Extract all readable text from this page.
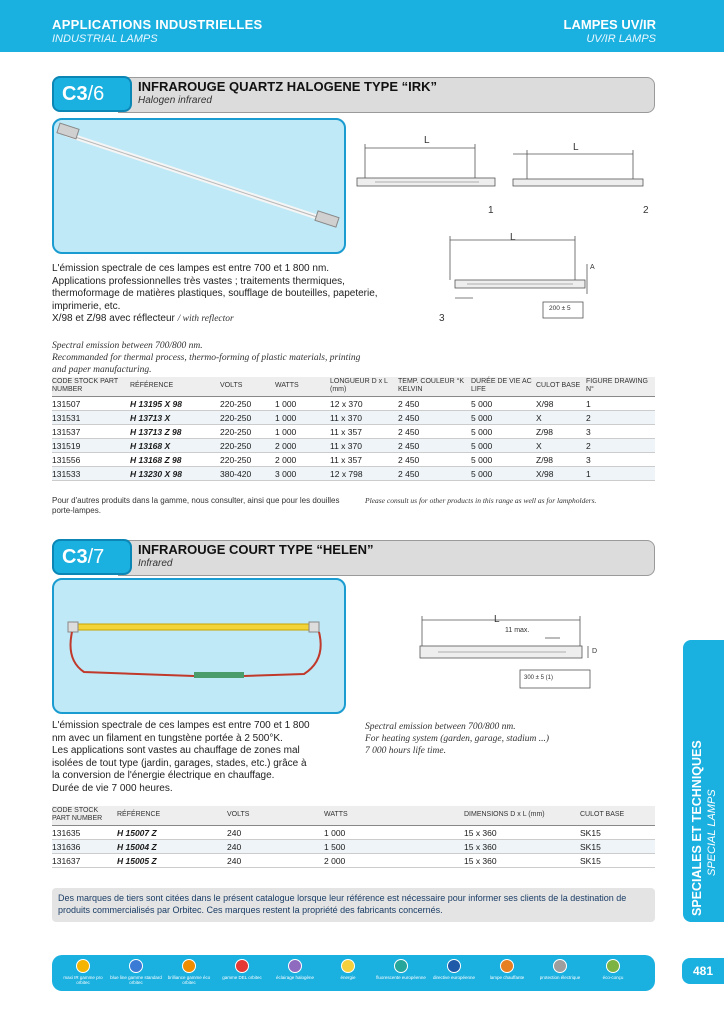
APPLICATIONS INDUSTRIELLES
INDUSTRIAL LAMPS
LAMPES UV/IR
UV/IR LAMPS
C3/6	INFRAROUGE QUARTZ HALOGENE TYPE “IRK”
Halogen infrared
L
L
L
A
200 ± 5
1	2
3
L'émission spectrale de ces lampes est entre 700 et 1 800 nm.
Applications professionnelles très vastes ; traitements thermiques,
thermoformage de matières plastiques, soufflage de bouteilles, papeterie,
imprimerie, etc.
X/98 et Z/98 avec réflecteur / with reflector
Spectral emission between 700/800 nm.
Recommanded for thermal process, thermo-forming of plastic materials, printing
and paper manufacturing.
CODE STOCK PART NUMBER	RÉFÉRENCE	VOLTS	WATTS	LONGUEUR D x L (mm)	TEMP. COULEUR °K KELVIN	DURÉE DE VIE AC LIFE	CULOT BASE	FIGURE DRAWING N°
131507	H 13195 X 98	220-250	1 000	12 x 370	2 450	5 000	X/98	1
131531	H 13713 X	220-250	1 000	11 x 370	2 450	5 000	X	2
131537	H 13713 Z 98	220-250	1 000	11 x 357	2 450	5 000	Z/98	3
131519	H 13168 X	220-250	2 000	11 x 370	2 450	5 000	X	2
131556	H 13168 Z 98	220-250	2 000	11 x 357	2 450	5 000	Z/98	3
131533	H 13230 X 98	380-420	3 000	12 x 798	2 450	5 000	X/98	1
Pour d'autres produits dans la gamme, nous consulter, ainsi que pour les douilles porte-lampes.
Please consult us for other products in this range as well as for lampholders.
C3/7	INFRAROUGE COURT TYPE “HELEN”
Infrared
L
11 max.
D
300 ± 5 (1)
L'émission spectrale de ces lampes est entre 700 et 1 800
nm avec un filament en tungstène portée à 2 500°K.
Les applications sont vastes au chauffage de zones mal
isolées de tout type (jardin, garages, stades, etc.) grâce à
la conversion de l'énergie électrique en chauffage.
Durée de vie 7 000 heures.
Spectral emission between 700/800 nm.
For heating system (garden, garage, stadium ...)
7 000 hours life time.
CODE STOCK PART NUMBER	RÉFÉRENCE	VOLTS	WATTS	DIMENSIONS D x L (mm)	CULOT BASE
131635	H 15007 Z	240	1 000	15 x 360	SK15
131636	H 15004 Z	240	1 500	15 x 360	SK15
131637	H 15005 Z	240	2 000	15 x 360	SK15
Des marques de tiers sont citées dans le présent catalogue lorsque leur référence est nécessaire pour informer ses clients de la destination de produits commercialisés par Orbitec. Ces marques restent la propriété des fabricants concernés.	SPECIALES ET TECHNIQUES SPECIAL LAMPS
maxi IR gamme pro orbitec
blue line gamme standard orbitec
brilliance gamme éco orbitec
gamme DEL orbitec	éclairage halogène	énergie	fluorescente européenne	directive européenne	lampe chauffante	protection électrique	éco-conçu	481
